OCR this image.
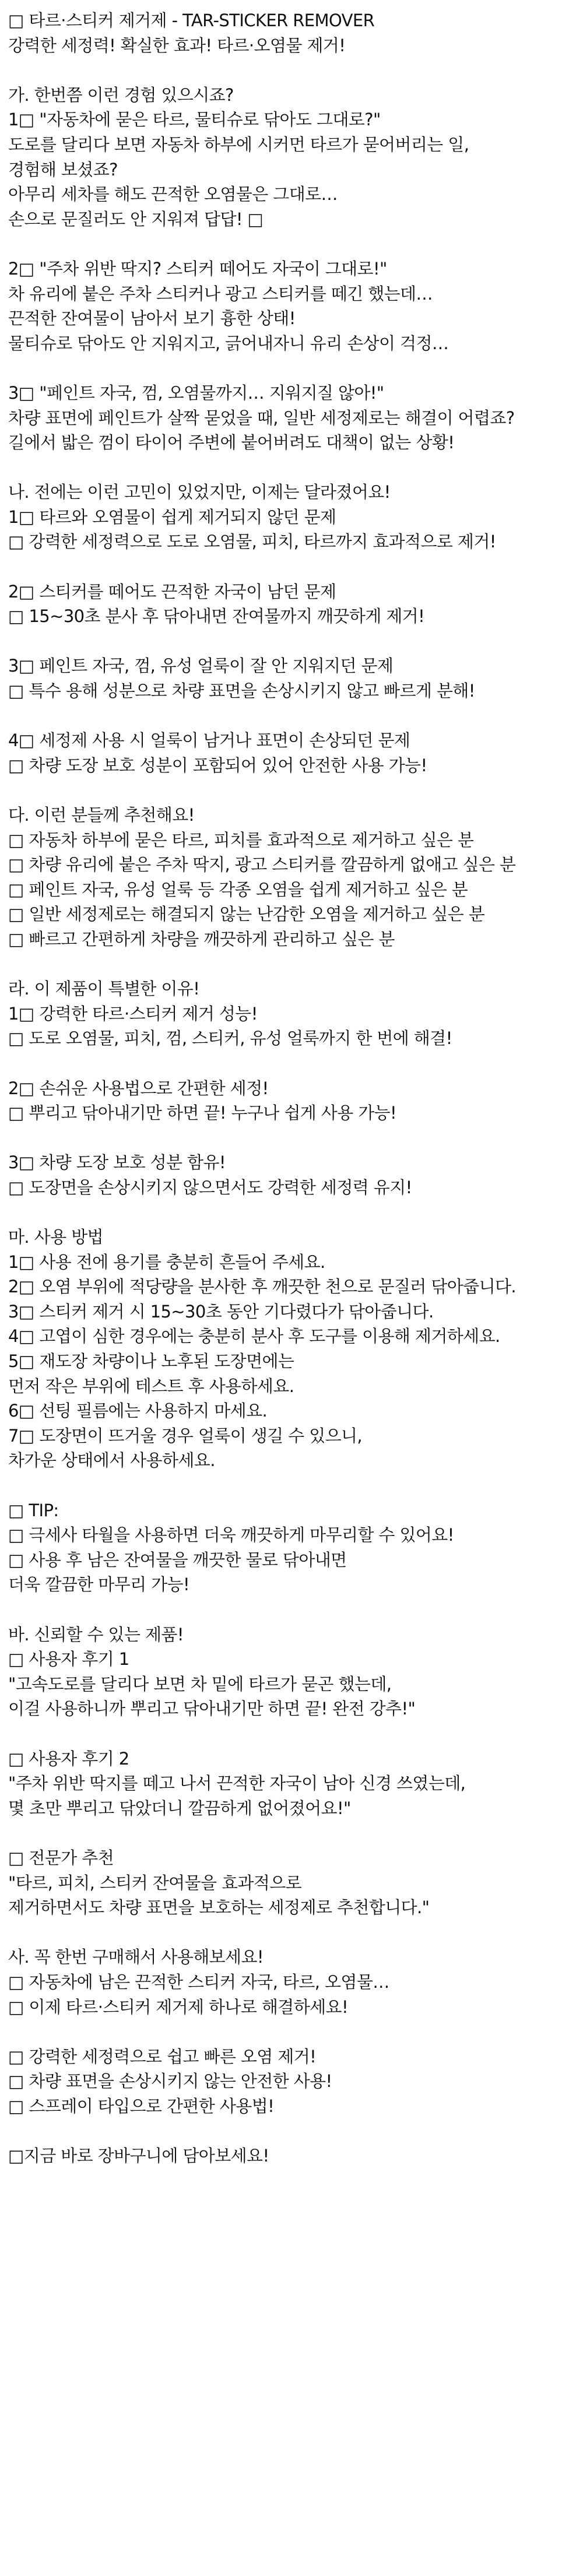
□ 타르·스티커 제거제 - TAR-STICKER REMOVER
강력한 세정력! 확실한 효과! 타르·오염물 제거!
가. 한번쯤 이런 경험 있으시죠?
1□ "자동차에 묻은 타르, 물티슈로 닦아도 그대로?"
도로를 달리다 보면 자동차 하부에 시커먼 타르가 묻어버리는 일,
경험해 보셨죠?
아무리 세차를 해도 끈적한 오염물은 그대로…
손으로 문질러도 안 지워져 답답! □
2□ "주차 위반 딱지? 스티커 떼어도 자국이 그대로!"
차 유리에 붙은 주차 스티커나 광고 스티커를 떼긴 했는데…
끈적한 잔여물이 남아서 보기 흉한 상태!
물티슈로 닦아도 안 지워지고, 긁어내자니 유리 손상이 걱정…
3□ "페인트 자국, 껌, 오염물까지… 지워지질 않아!"
차량 표면에 페인트가 살짝 묻었을 때, 일반 세정제로는 해결이 어렵죠?
길에서 밟은 껌이 타이어 주변에 붙어버려도 대책이 없는 상황!
나. 전에는 이런 고민이 있었지만, 이제는 달라졌어요!
1□ 타르와 오염물이 쉽게 제거되지 않던 문제
□ 강력한 세정력으로 도로 오염물, 피치, 타르까지 효과적으로 제거!
2□ 스티커를 떼어도 끈적한 자국이 남던 문제
□ 15~30초 분사 후 닦아내면 잔여물까지 깨끗하게 제거!
3□ 페인트 자국, 껌, 유성 얼룩이 잘 안 지워지던 문제
□ 특수 용해 성분으로 차량 표면을 손상시키지 않고 빠르게 분해!
4□ 세정제 사용 시 얼룩이 남거나 표면이 손상되던 문제
□ 차량 도장 보호 성분이 포함되어 있어 안전한 사용 가능!
다. 이런 분들께 추천해요!
□ 자동차 하부에 묻은 타르, 피치를 효과적으로 제거하고 싶은 분
□ 차량 유리에 붙은 주차 딱지, 광고 스티커를 깔끔하게 없애고 싶은 분
□ 페인트 자국, 유성 얼룩 등 각종 오염을 쉽게 제거하고 싶은 분
□ 일반 세정제로는 해결되지 않는 난감한 오염을 제거하고 싶은 분
□ 빠르고 간편하게 차량을 깨끗하게 관리하고 싶은 분
라. 이 제품이 특별한 이유!
1□ 강력한 타르·스티커 제거 성능!
□ 도로 오염물, 피치, 껌, 스티커, 유성 얼룩까지 한 번에 해결!
2□ 손쉬운 사용법으로 간편한 세정!
□ 뿌리고 닦아내기만 하면 끝! 누구나 쉽게 사용 가능!
3□ 차량 도장 보호 성분 함유!
□ 도장면을 손상시키지 않으면서도 강력한 세정력 유지!
마. 사용 방법
1□ 사용 전에 용기를 충분히 흔들어 주세요.
2□ 오염 부위에 적당량을 분사한 후 깨끗한 천으로 문질러 닦아줍니다.
3□ 스티커 제거 시 15~30초 동안 기다렸다가 닦아줍니다.
4□ 고엽이 심한 경우에는 충분히 분사 후 도구를 이용해 제거하세요.
5□ 재도장 차량이나 노후된 도장면에는
먼저 작은 부위에 테스트 후 사용하세요.
6□ 선팅 필름에는 사용하지 마세요.
7□ 도장면이 뜨거울 경우 얼룩이 생길 수 있으니,
차가운 상태에서 사용하세요.
□ TIP:
□ 극세사 타월을 사용하면 더욱 깨끗하게 마무리할 수 있어요!
□ 사용 후 남은 잔여물을 깨끗한 물로 닦아내면
더욱 깔끔한 마무리 가능!
바. 신뢰할 수 있는 제품!
□ 사용자 후기 1
"고속도로를 달리다 보면 차 밑에 타르가 묻곤 했는데,
이걸 사용하니까 뿌리고 닦아내기만 하면 끝! 완전 강추!"
□ 사용자 후기 2
"주차 위반 딱지를 떼고 나서 끈적한 자국이 남아 신경 쓰였는데,
몇 초만 뿌리고 닦았더니 깔끔하게 없어졌어요!"
□ 전문가 추천
"타르, 피치, 스티커 잔여물을 효과적으로
제거하면서도 차량 표면을 보호하는 세정제로 추천합니다."
사. 꼭 한번 구매해서 사용해보세요!
□ 자동차에 남은 끈적한 스티커 자국, 타르, 오염물…
□ 이제 타르·스티커 제거제 하나로 해결하세요!
□ 강력한 세정력으로 쉽고 빠른 오염 제거!
□ 차량 표면을 손상시키지 않는 안전한 사용!
□ 스프레이 타입으로 간편한 사용법!
□지금 바로 장바구니에 담아보세요!
